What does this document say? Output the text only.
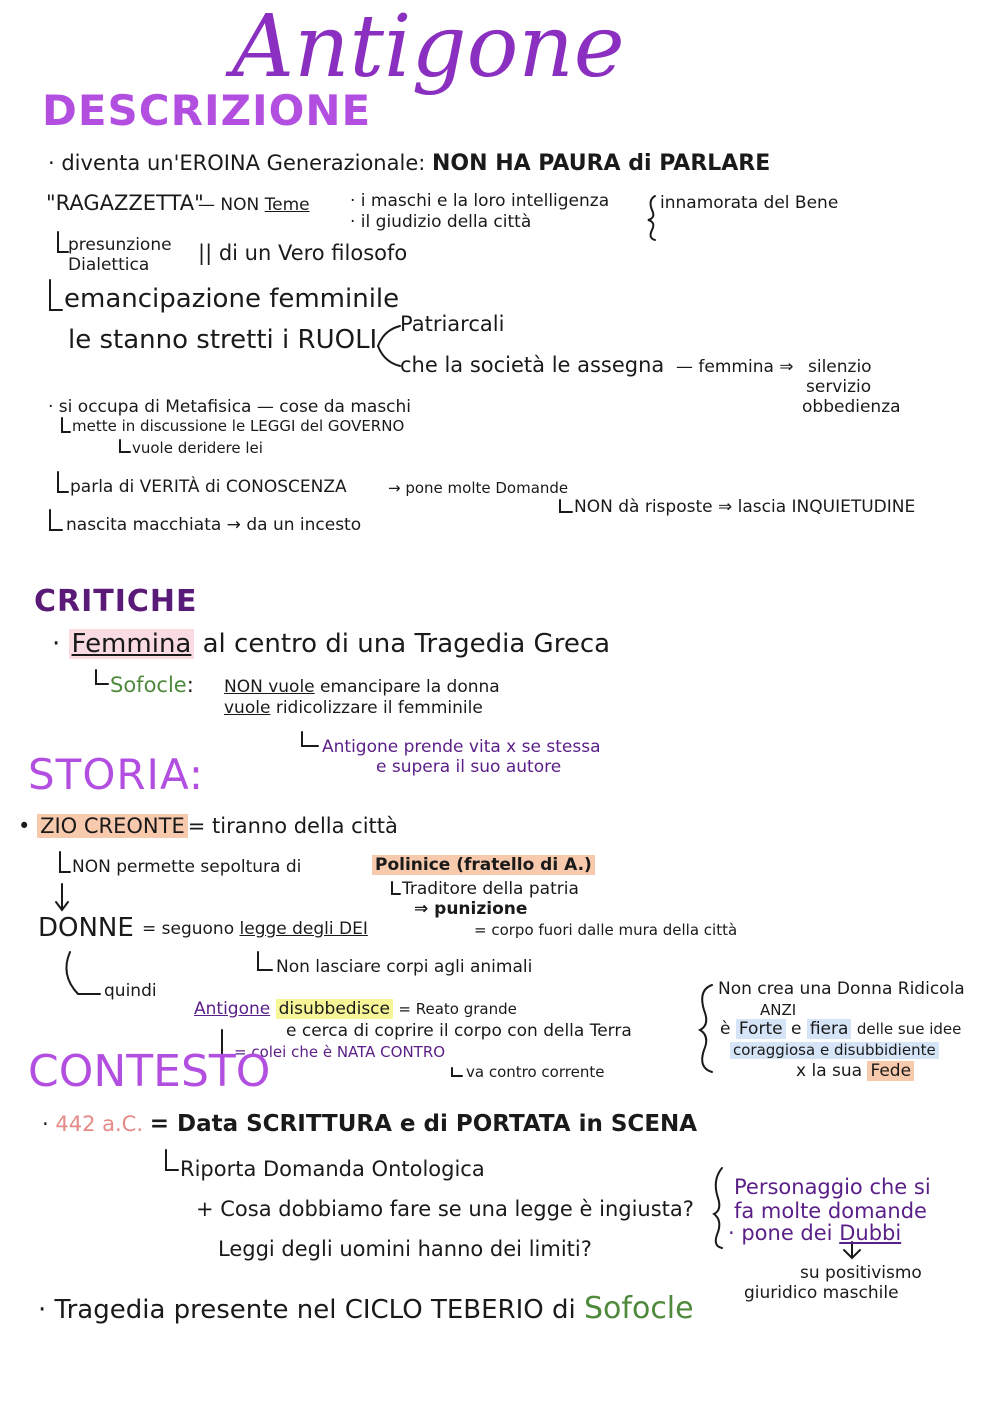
Antigone
DESCRIZIONE
· diventa un'EROINA Generazionale: NON HA PAURA di PARLARE
"RAGAZZETTA"
— NON Teme · i maschi e la loro intelligenza
· il giudizio della città
innamorata del Bene
presunzione
Dialettica || di un Vero filosofo
emancipazione femminile
le stanno stretti i RUOLI
Patriarcali
che la società le assegna — femmina ⇒ silenzio
servizio
obbedienza
· si occupa di Metafisica — cose da maschi
mette in discussione le LEGGI del GOVERNO
vuole deridere lei
parla di VERITÀ di CONOSCENZA	→ pone molte Domande
NON dà risposte ⇒ lascia INQUIETUDINE
nascita macchiata → da un incesto
CRITICHE
· Femmina al centro di una Tragedia Greca
Sofocle: NON vuole emancipare la donna
vuole ridicolizzare il femminile
Antigone prende vita x se stessa
e supera il suo autore
STORIA:
• ZIO CREONTE = tiranno della città
NON permette sepoltura di	Polinice (fratello di A.)
Traditore della patria
⇒ punizione
= corpo fuori dalle mura della città
DONNE = seguono legge degli DEI
Non lasciare corpi agli animali
quindi
Antigone disubbedisce = Reato grande
e cerca di coprire il corpo con della Terra
= colei che è NATA CONTRO
va contro corrente
Non crea una Donna Ridicola
ANZI
è Forte e fiera delle sue idee
coraggiosa e disubbidiente
x la sua Fede
CONTESTO
· 442 a.C. = Data SCRITTURA e di PORTATA in SCENA
Riporta Domanda Ontologica
+ Cosa dobbiamo fare se una legge è ingiusta?
Leggi degli uomini hanno dei limiti?
Personaggio che si
fa molte domande
· pone dei Dubbi
su positivismo
giuridico maschile
· Tragedia presente nel CICLO TEBERIO di Sofocle
